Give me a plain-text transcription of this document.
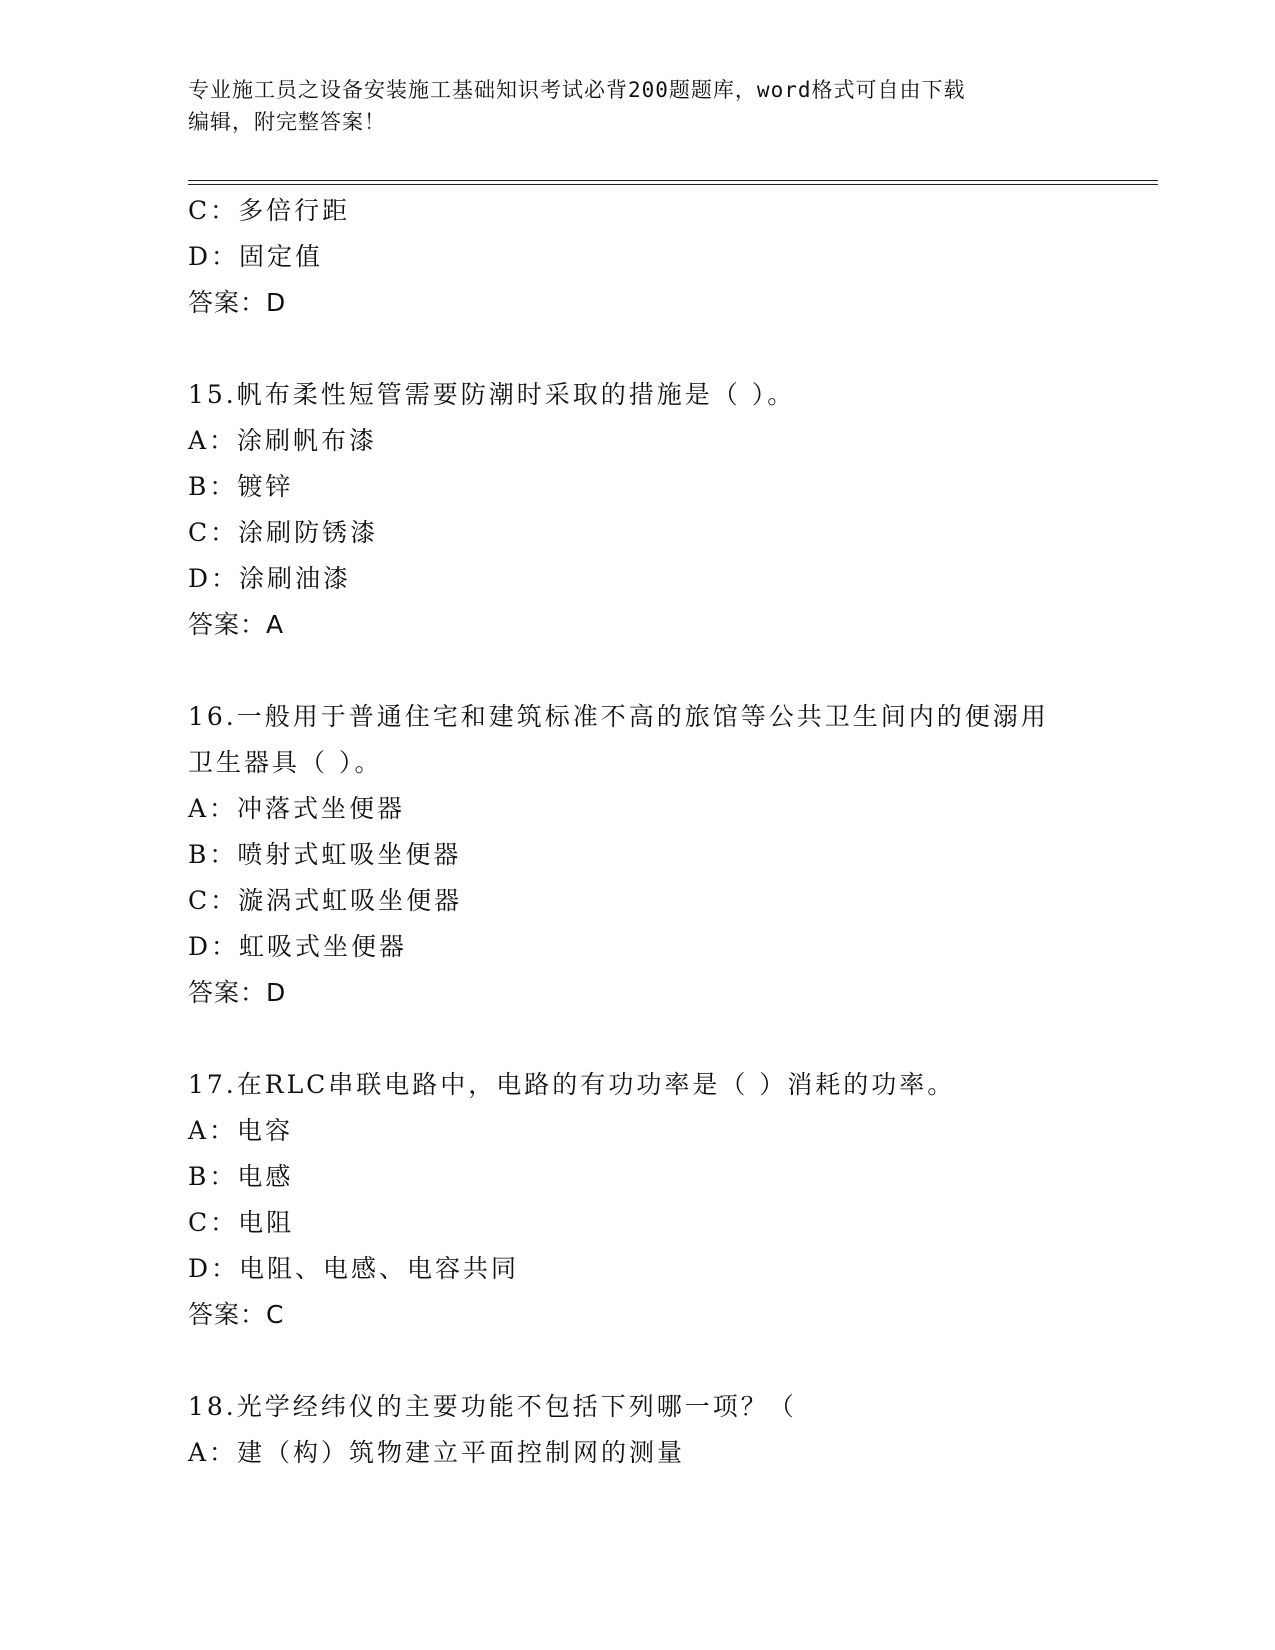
专业施工员之设备安装施工基础知识考试必背200题题库，word格式可自由下载
编辑，附完整答案！
C：多倍行距
D：固定值
答案：D
15.帆布柔性短管需要防潮时采取的措施是（ ）。
A：涂刷帆布漆
B：镀锌
C：涂刷防锈漆
D：涂刷油漆
答案：A
16.一般用于普通住宅和建筑标准不高的旅馆等公共卫生间内的便溺用
卫生器具（ ）。
A：冲落式坐便器
B：喷射式虹吸坐便器
C：漩涡式虹吸坐便器
D：虹吸式坐便器
答案：D
17.在RLC串联电路中，电路的有功功率是（ ）消耗的功率。
A：电容
B：电感
C：电阻
D：电阻、电感、电容共同
答案：C
18.光学经纬仪的主要功能不包括下列哪一项？（
A：建（构）筑物建立平面控制网的测量
